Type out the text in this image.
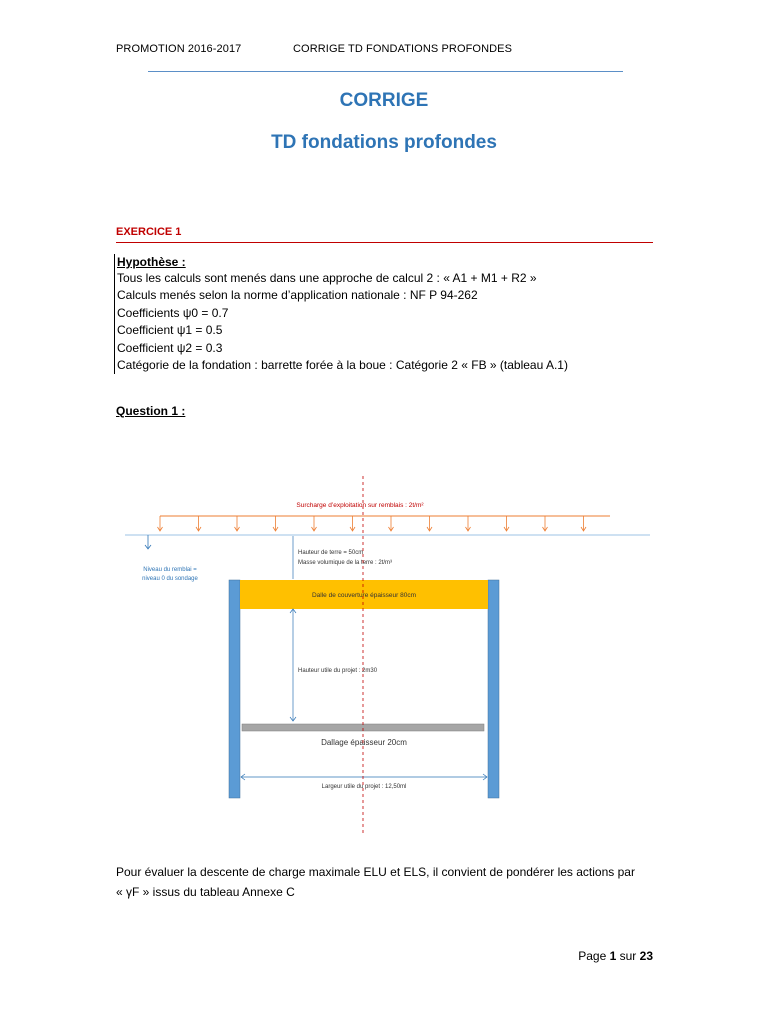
PROMOTION 2016-2017	CORRIGE TD FONDATIONS PROFONDES
CORRIGE
TD fondations profondes
EXERCICE 1
Hypothèse :
Tous les calculs sont menés dans une approche de calcul 2 : « A1 + M1 + R2 »
Calculs menés selon la norme d’application nationale : NF P 94-262
Coefficients ψ0 = 0.7
Coefficient ψ1 = 0.5
Coefficient ψ2 = 0.3
Catégorie de la fondation : barrette forée à la boue : Catégorie 2 « FB » (tableau A.1)
Question 1 :
Surcharge d’exploitation sur remblais : 2t/m²
Niveau du remblai =
niveau 0 du sondage
Dalle de couverture épaisseur 80cm
Hauteur de terre = 50cm
Masse volumique de la terre : 2t/m³
Hauteur utile du projet : 2m30
Dallage épaisseur 20cm
Largeur utile du projet : 12,50ml
Pour évaluer la descente de charge maximale ELU et ELS, il convient de pondérer les actions par
« γF » issus du tableau Annexe C
Page 1 sur 23
